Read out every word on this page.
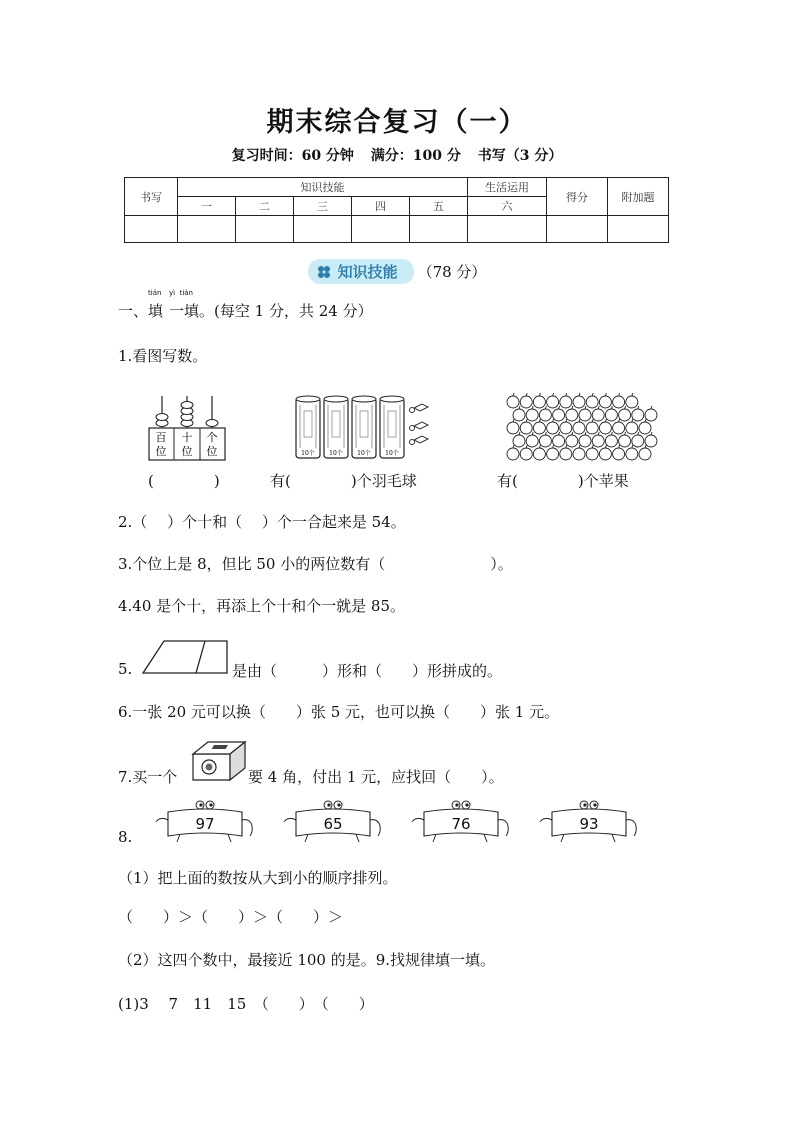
期末综合复习（一）
复习时间：60 分钟 满分：100 分 书写（3 分）
书写	知识技能					生活运用	得分	附加题
	一	二	三	四	五	六		

知识技能 （78 分）
一、
tián
填
yì tián
一填。(每空 1 分，共 24 分）
1.看图写数。
百
位
十
位
个
位	10个 10个 10个 10个
(　　　　)	有(　　　　)个羽毛球	有(　　　　)个苹果
2.（　 ）个十和（　 ）个一合起来是 54。
3.个位上是 8，但比 50 小的两位数有（　　　　　　　）。
4.40 是个十，再添上个十和个一就是 85。
5.	是由（　　　）形和（　　）形拼成的。
6.一张 20 元可以换（　　）张 5 元，也可以换（　　）张 1 元。
7.买一个	要 4 角，付出 1 元，应找回（　　）。
8.
97	65	76	93
（1）把上面的数按从大到小的顺序排列。
（　　）＞（　　）＞（　　）＞
（2）这四个数中，最接近 100 的是。9.找规律填一填。
(1)3　 7　11　15　（　　）　（　　）
